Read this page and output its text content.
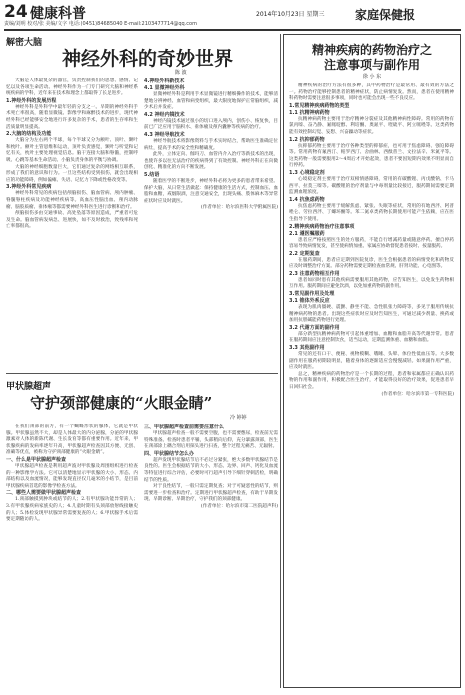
24 健康科普
责编/刘明 校对/张 美编/文字 电话:(0451)84685040 E-mail:2103477714@qq.com
2014年10月23日 星期三	家庭保健报
解密大脑
神经外科的奇妙世界
陈 波

大脑是人体最复杂的器官，负责控制我们的思想、感情、记忆以及各项生命活动。神经外科作为一门专门研究大脑和神经系统疾病的学科，近年来在技术和理念上都取得了长足进步。

1.神经外科的发展历程

神经外科是外科学中最年轻的分支之一。早期的神经外科手术死亡率很高，随着显微镜、影像学和麻醉技术的进步，现代神经外科已经能够安全地进行许多复杂的手术，患者的生存率和生活质量明显提高。

2.大脑的结构及功能

大脑分为左右两个半球，每个半球又分为额叶、顶叶、颞叶和枕叶。额叶主管思维和运动，顶叶负责感觉，颞叶与听觉和记忆有关，枕叶主要处理视觉信息。脑干连接大脑和脊髓，控制呼吸、心跳等基本生命活动。小脑负责身体的平衡与协调。

大脑的神经细胞数量巨大，它们通过复杂的网络相互联系，形成了我们的意识和行为。一旦这些结构受到损伤，就会出现相应的功能障碍，例如偏瘫、失语、记忆力下降或性格改变等。

3.神经外科常见疾病

神经外科常见的疾病包括颅脑损伤、脑血管病、颅内肿瘤、脊髓脊柱疾病及功能神经疾病等。高血压性脑出血、颅内动脉瘤、脑胶质瘤、垂体瘤等都需要神经外科医生进行诊断和治疗。

颅脑损伤多由交通事故、高处坠落等原因造成，严重者可危及生命。脑血管病发病急、进展快，如不及时救治，致残率和死亡率都很高。

4.神经外科新技术
4.1 显微神经外科

显微神经外科是利用手术显微镜进行精细操作的技术，能够清楚地分辨神经、血管和病变组织，最大限度地保护正常脑组织，减少术后并发症。

4.2 神经内镜技术

神经内镜技术通过很小的切口进入颅内，创伤小、恢复快，目前已广泛应用于脑积水、垂体瘤及颅内囊肿等疾病的治疗。

4.3 神经导航技术

神经导航技术将影像资料与手术实时结合，帮助医生准确定位病灶，提高手术的安全性和精确度。

此外，立体定向、伽玛刀、血管内介入治疗等新技术的出现，也使许多以往无法治疗的疾病得到了有效控制。神经外科正在向微创化、精准化的方向不断发展。

5.结语

随着医学的不断进步，神经外科必将为更多的患者带来希望。保护大脑，从日常生活做起：保持健康的生活方式，控制血压、血脂和血糖，戒烟限酒，注意交通安全，出现头痛、肢体麻木等异常症状时应及时就医。

(作者单位：哈尔滨医科大学附属医院)

甲状腺超声
守护颈部健康的“火眼金睛”
冷 婷婷

在我们颈部的前方，有一个蝴蝶形状的腺体，它就是甲状腺。甲状腺虽然不大，却是人体最大的内分泌腺，分泌的甲状腺激素对人体的新陈代谢、生长发育等都有重要作用。近年来，甲状腺疾病的发病率逐年升高，甲状腺超声检查因其方便、无创、准确等优点，被称为守护颈部健康的“火眼金睛”。

一、什么是甲状腺超声检查

甲状腺超声检查是利用超声波对甲状腺及周围组织进行检查的一种影像学方法。它可以清楚地显示甲状腺的大小、形态、内部结构以及血流情况，能够发现直径仅几毫米的小结节，是目前甲状腺疾病首选的影像学检查方法。

二、哪些人需要做甲状腺超声检查

1.颈部触摸到肿块或结节的人；2.有甲状腺功能异常的人；3.有甲状腺疾病家族史的人；4.儿童时期有头颈部放射线接触史的人；5.体检发现甲状腺异常需要复查的人；6.甲状腺手术后需要定期随访的人。

三、甲状腺超声检查前需要注意什么

甲状腺超声检查一般不需要空腹，也不需要憋尿，检查前无需特殊准备。检查时患者平躺，头部稍向后仰，充分暴露颈部，医生在颈部涂上耦合剂后用探头进行扫查，整个过程无痛苦、无辐射。

四、甲状腺结节怎么办

超声发现甲状腺结节后不必过分紧张，绝大多数甲状腺结节是良性的。医生会根据结节的大小、形态、边界、回声、钙化及血流等特征进行综合评估，必要时可行超声引导下细针穿刺活检，明确结节的性质。

对于良性结节，一般只需定期复查；对于可疑恶性的结节，则需要进一步检查和治疗。定期进行甲状腺超声检查，有助于早期发现、早期诊断、早期治疗，守护我们的颈部健康。

(作者单位：哈尔滨市第二医院超声科)

精神疾病的药物治疗之
注意事项与副作用
徐 小 东

精神疾病的治疗方法有很多种，其中药物治疗是最常用、最有效的方法之一。药物治疗能够控制患者的精神症状，防止病情复发。然而，患者在使用精神科药物时需要注意很多事项，同时也可能会出现一些不良反应。

1.常见精神疾病药物的类型
1.1 抗精神病药物

抗精神病药物主要用于治疗精神分裂症及其他精神病性障碍。常用的药物有氯丙嗪、奋乃静、氟哌啶醇、利培酮、奥氮平、喹硫平、阿立哌唑等。这类药物能有效控制幻觉、妄想、兴奋躁动等症状。

1.2 抗抑郁药物

抗抑郁药物主要用于治疗各种类型的抑郁症，也可用于焦虑障碍、强迫障碍等。常用药物有氟西汀、帕罗西汀、舍曲林、西酞普兰、文拉法辛、米氮平等。这类药物一般需要服用2～4周后才开始起效，患者不要因短期内效果不明显而自行停药。

1.3 心境稳定剂

心境稳定剂主要用于治疗双相情感障碍，常用的有碳酸锂、丙戊酸钠、卡马西平、拉莫三嗪等。碳酸锂的治疗剂量与中毒剂量比较接近，服药期间需要定期监测血锂浓度。

1.4 抗焦虑药物

抗焦虑药物主要用于缓解焦虑、紧张、失眠等症状，常用的有地西泮、阿普唑仑、劳拉西泮、丁螺环酮等。苯二氮卓类药物长期使用可能产生依赖，应在医生指导下使用。

2.精神疾病药物治疗注意事项
2.1 遵医嘱服药

患者应严格按照医生的处方服药，不能自行增减药量或随意停药。擅自停药容易导致病情复发，甚至使病情加重。家属应协助督促患者按时、按量服药。

2.2 定期复查

在服药期间，患者应定期到医院复诊，医生会根据患者的病情变化和药物反应及时调整治疗方案。部分药物需要定期检查血常规、肝肾功能、心电图等。

2.3 注意药物相互作用

患者如同时患有其他疾病需要服用其他药物，应告知医生，以免发生药物相互作用。服药期间应避免饮酒，以免加重药物的副作用。

3.常见副作用及处理
3.1 锥体外系反应

表现为肌肉僵硬、震颤、静坐不能、急性肌张力障碍等，多见于服用传统抗精神病药物的患者。出现这些症状时应及时告知医生，可通过减少剂量、换药或加用抗胆碱能药物进行处理。

3.2 代谢方面的副作用

部分新型抗精神病药物可引起体重增加、血糖和血脂升高等代谢异常。患者在服药期间应注意控制饮食，适当运动，定期监测体重、血糖和血脂。

3.3 其他副作用

常见的还有口干、便秘、视物模糊、嗜睡、头晕、体位性低血压等。大多数副作用在服药初期较明显，随着身体的逐渐适应会慢慢减轻。如果副作用严重，应及时就医。

总之，精神疾病的药物治疗是一个长期的过程，患者和家属都应正确认识药物的作用和副作用，积极配合医生治疗，才能取得良好的治疗效果，促进患者早日回归社会。

(作者单位：哈尔滨市第一专科医院)
